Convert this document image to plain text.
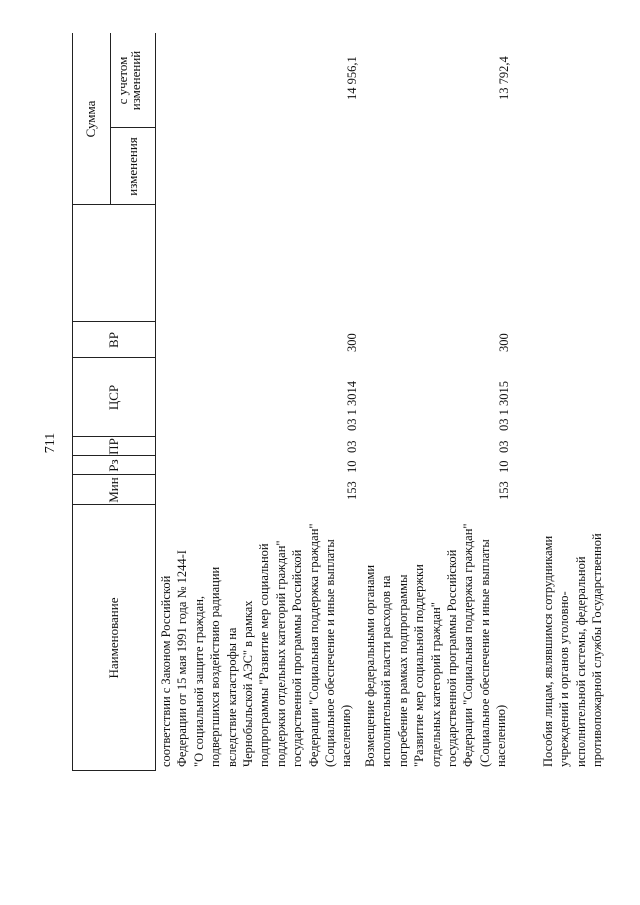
711
Наименование
Мин
Рз
ПР
ЦСР
ВР
Сумма
изменения
с учетом
изменений
соответствии с Законом Российской Федерации от 15 мая 1991 года № 1244-I "О социальной защите граждан, подвергшихся воздействию радиации вследствие катастрофы на Чернобыльской АЭС" в рамках подпрограммы "Развитие мер социальной поддержки отдельных категорий граждан" государственной программы Российской Федерации "Социальная поддержка граждан" (Социальное обеспечение и иные выплаты населению)
153
10
03
03 1 3014
300
14 956,1
Возмещение федеральными органами исполнительной власти расходов на погребение в рамках подпрограммы "Развитие мер социальной поддержки отдельных категорий граждан" государственной программы Российской Федерации "Социальная поддержка граждан" (Социальное обеспечение и иные выплаты населению)
153
10
03
03 1 3015
300
13 792,4
Пособия лицам, являвшимся сотрудниками учреждений и органов уголовно- исполнительной системы, федеральной противопожарной службы Государственной
